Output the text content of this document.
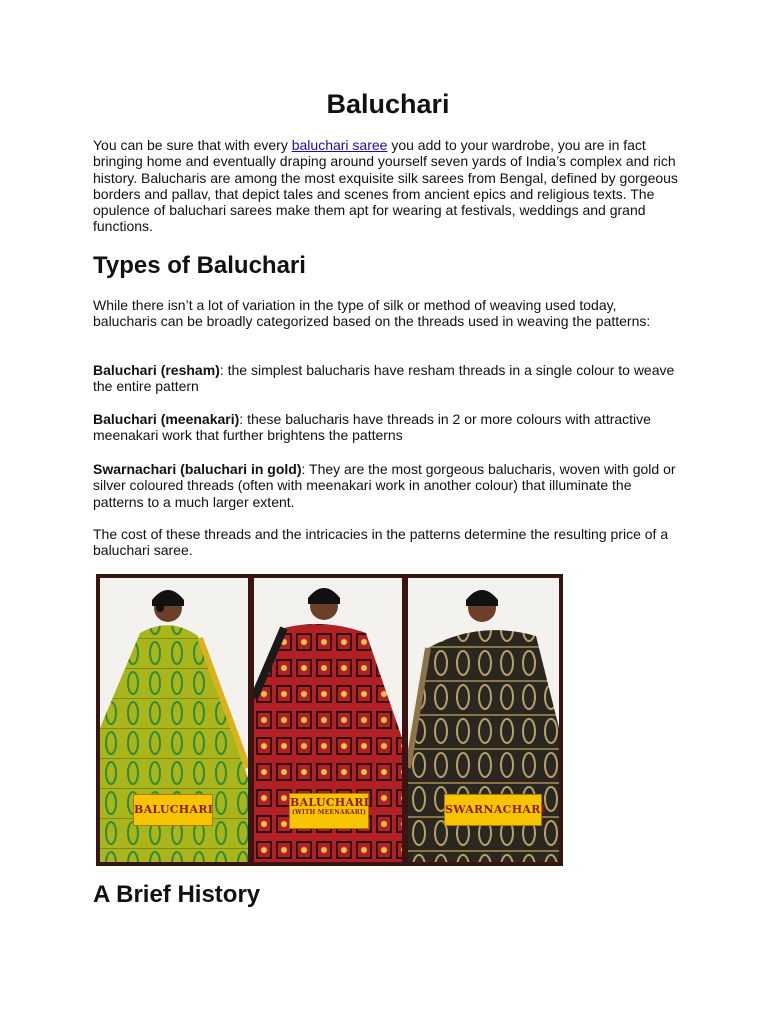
Baluchari

You can be sure that with every baluchari saree you add to your wardrobe, you are in fact bringing home and eventually draping around yourself seven yards of India’s complex and rich history. Balucharis are among the most exquisite silk sarees from Bengal, defined by gorgeous borders and pallav, that depict tales and scenes from ancient epics and religious texts. The opulence of baluchari sarees make them apt for wearing at festivals, weddings and grand functions.

Types of Baluchari

While there isn’t a lot of variation in the type of silk or method of weaving used today, balucharis can be broadly categorized based on the threads used in weaving the patterns:

Baluchari (resham): the simplest balucharis have resham threads in a single colour to weave the entire pattern

Baluchari (meenakari): these balucharis have threads in 2 or more colours with attractive meenakari work that further brightens the patterns

Swarnachari (baluchari in gold): They are the most gorgeous balucharis, woven with gold or silver coloured threads (often with meenakari work in another colour) that illuminate the patterns to a much larger extent.

The cost of these threads and the intricacies in the patterns determine the resulting price of a baluchari saree.

A Brief History
BALUCHARI
BALUCHARI
(WITH MEENAKARI)	SWARNACHARI
